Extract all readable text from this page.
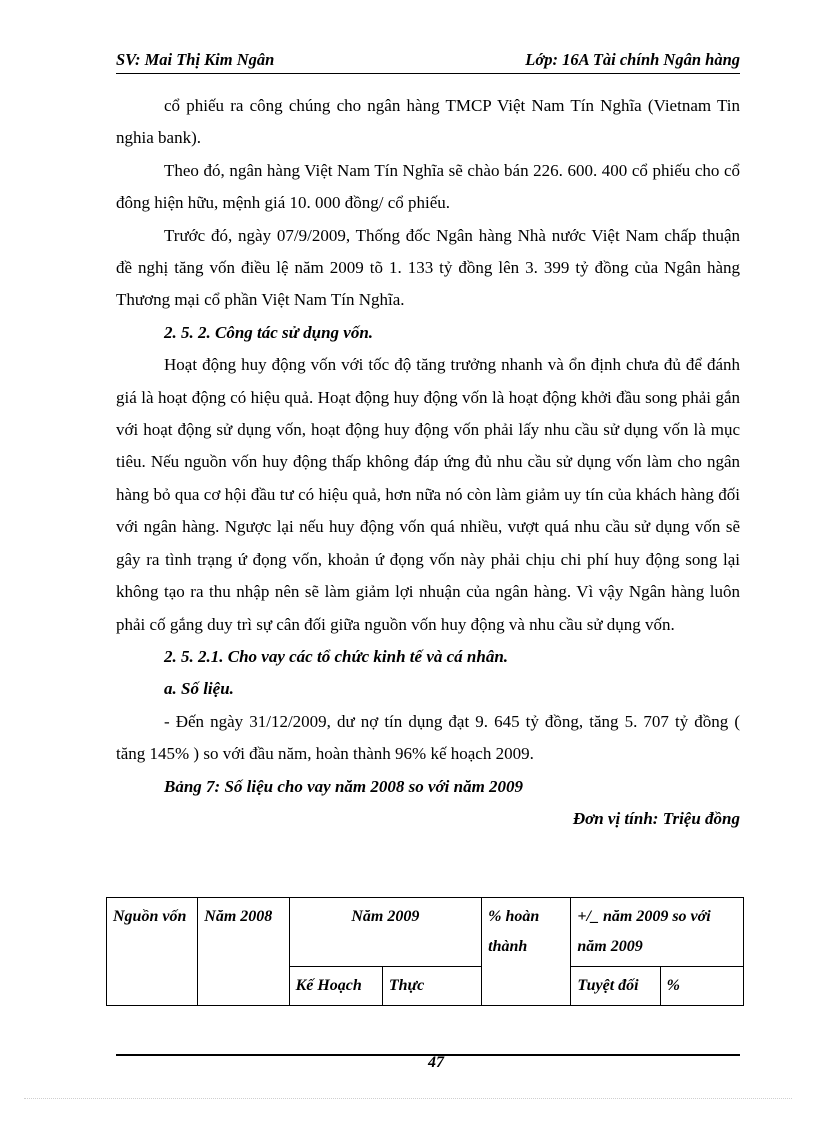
SV: Mai Thị Kim Ngân	Lớp: 16A Tài chính Ngân hàng

cổ phiếu ra công chúng cho ngân hàng TMCP Việt Nam Tín Nghĩa (Vietnam Tin nghia bank).

Theo đó, ngân hàng Việt Nam Tín Nghĩa sẽ chào bán 226. 600. 400 cổ phiếu cho cổ đông hiện hữu, mệnh giá 10. 000 đồng/ cổ phiếu.

Trước đó, ngày 07/9/2009, Thống đốc Ngân hàng Nhà nước Việt Nam chấp thuận đề nghị tăng vốn điều lệ năm 2009 tõ 1. 133 tỷ đồng lên 3. 399 tỷ đồng của Ngân hàng Thương mại cổ phần Việt Nam Tín Nghĩa.

2. 5. 2. Công tác sử dụng vốn.

Hoạt động huy động vốn với tốc độ tăng trưởng nhanh và ổn định chưa đủ để đánh giá là hoạt động có hiệu quả. Hoạt động huy động vốn là hoạt động khởi đầu song phải gắn với hoạt động sử dụng vốn, hoạt động huy động vốn phải lấy nhu cầu sử dụng vốn là mục tiêu. Nếu nguồn vốn huy động thấp không đáp ứng đủ nhu cầu sử dụng vốn làm cho ngân hàng bỏ qua cơ hội đầu tư có hiệu quả, hơn nữa nó còn làm giảm uy tín của khách hàng đối với ngân hàng. Ngược lại nếu huy động vốn quá nhiều, vượt quá nhu cầu sử dụng vốn sẽ gây ra tình trạng ứ đọng vốn, khoản ứ đọng vốn này phải chịu chi phí huy động song lại không tạo ra thu nhập nên sẽ làm giảm lợi nhuận của ngân hàng. Vì vậy Ngân hàng luôn phải cố gắng duy trì sự cân đối giữa nguồn vốn huy động và nhu cầu sử dụng vốn.

2. 5. 2.1. Cho vay các tổ chức kinh tế và cá nhân.

a. Số liệu.

- Đến ngày 31/12/2009, dư nợ tín dụng đạt 9. 645 tỷ đồng, tăng 5. 707 tỷ đồng ( tăng 145% ) so với đầu năm, hoàn thành 96% kế hoạch 2009.

Bảng 7: Số liệu cho vay năm 2008 so với năm 2009

Đơn vị tính: Triệu đồng

Nguồn vốn	Năm 2008	Năm 2009		% hoàn thành	+/_ năm 2009 so với năm 2009	
		Kế Hoạch	Thực		Tuyệt đối	%
47
